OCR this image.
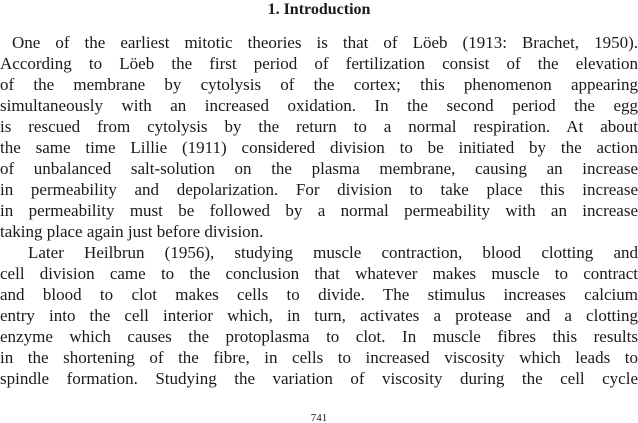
1. Introduction

One of the earliest mitotic theories is that of Löeb (1913: Brachet, 1950).

According to Löeb the first period of fertilization consist of the elevation

of the membrane by cytolysis of the cortex; this phenomenon appearing

simultaneously with an increased oxidation. In the second period the egg

is rescued from cytolysis by the return to a normal respiration. At about

the same time Lillie (1911) considered division to be initiated by the action

of unbalanced salt-solution on the plasma membrane, causing an increase

in permeability and depolarization. For division to take place this increase

in permeability must be followed by a normal permeability with an increase

taking place again just before division.

Later Heilbrun (1956), studying muscle contraction, blood clotting and

cell division came to the conclusion that whatever makes muscle to contract

and blood to clot makes cells to divide. The stimulus increases calcium

entry into the cell interior which, in turn, activates a protease and a clotting

enzyme which causes the protoplasma to clot. In muscle fibres this results

in the shortening of the fibre, in cells to increased viscosity which leads to

spindle formation. Studying the variation of viscosity during the cell cycle

741
